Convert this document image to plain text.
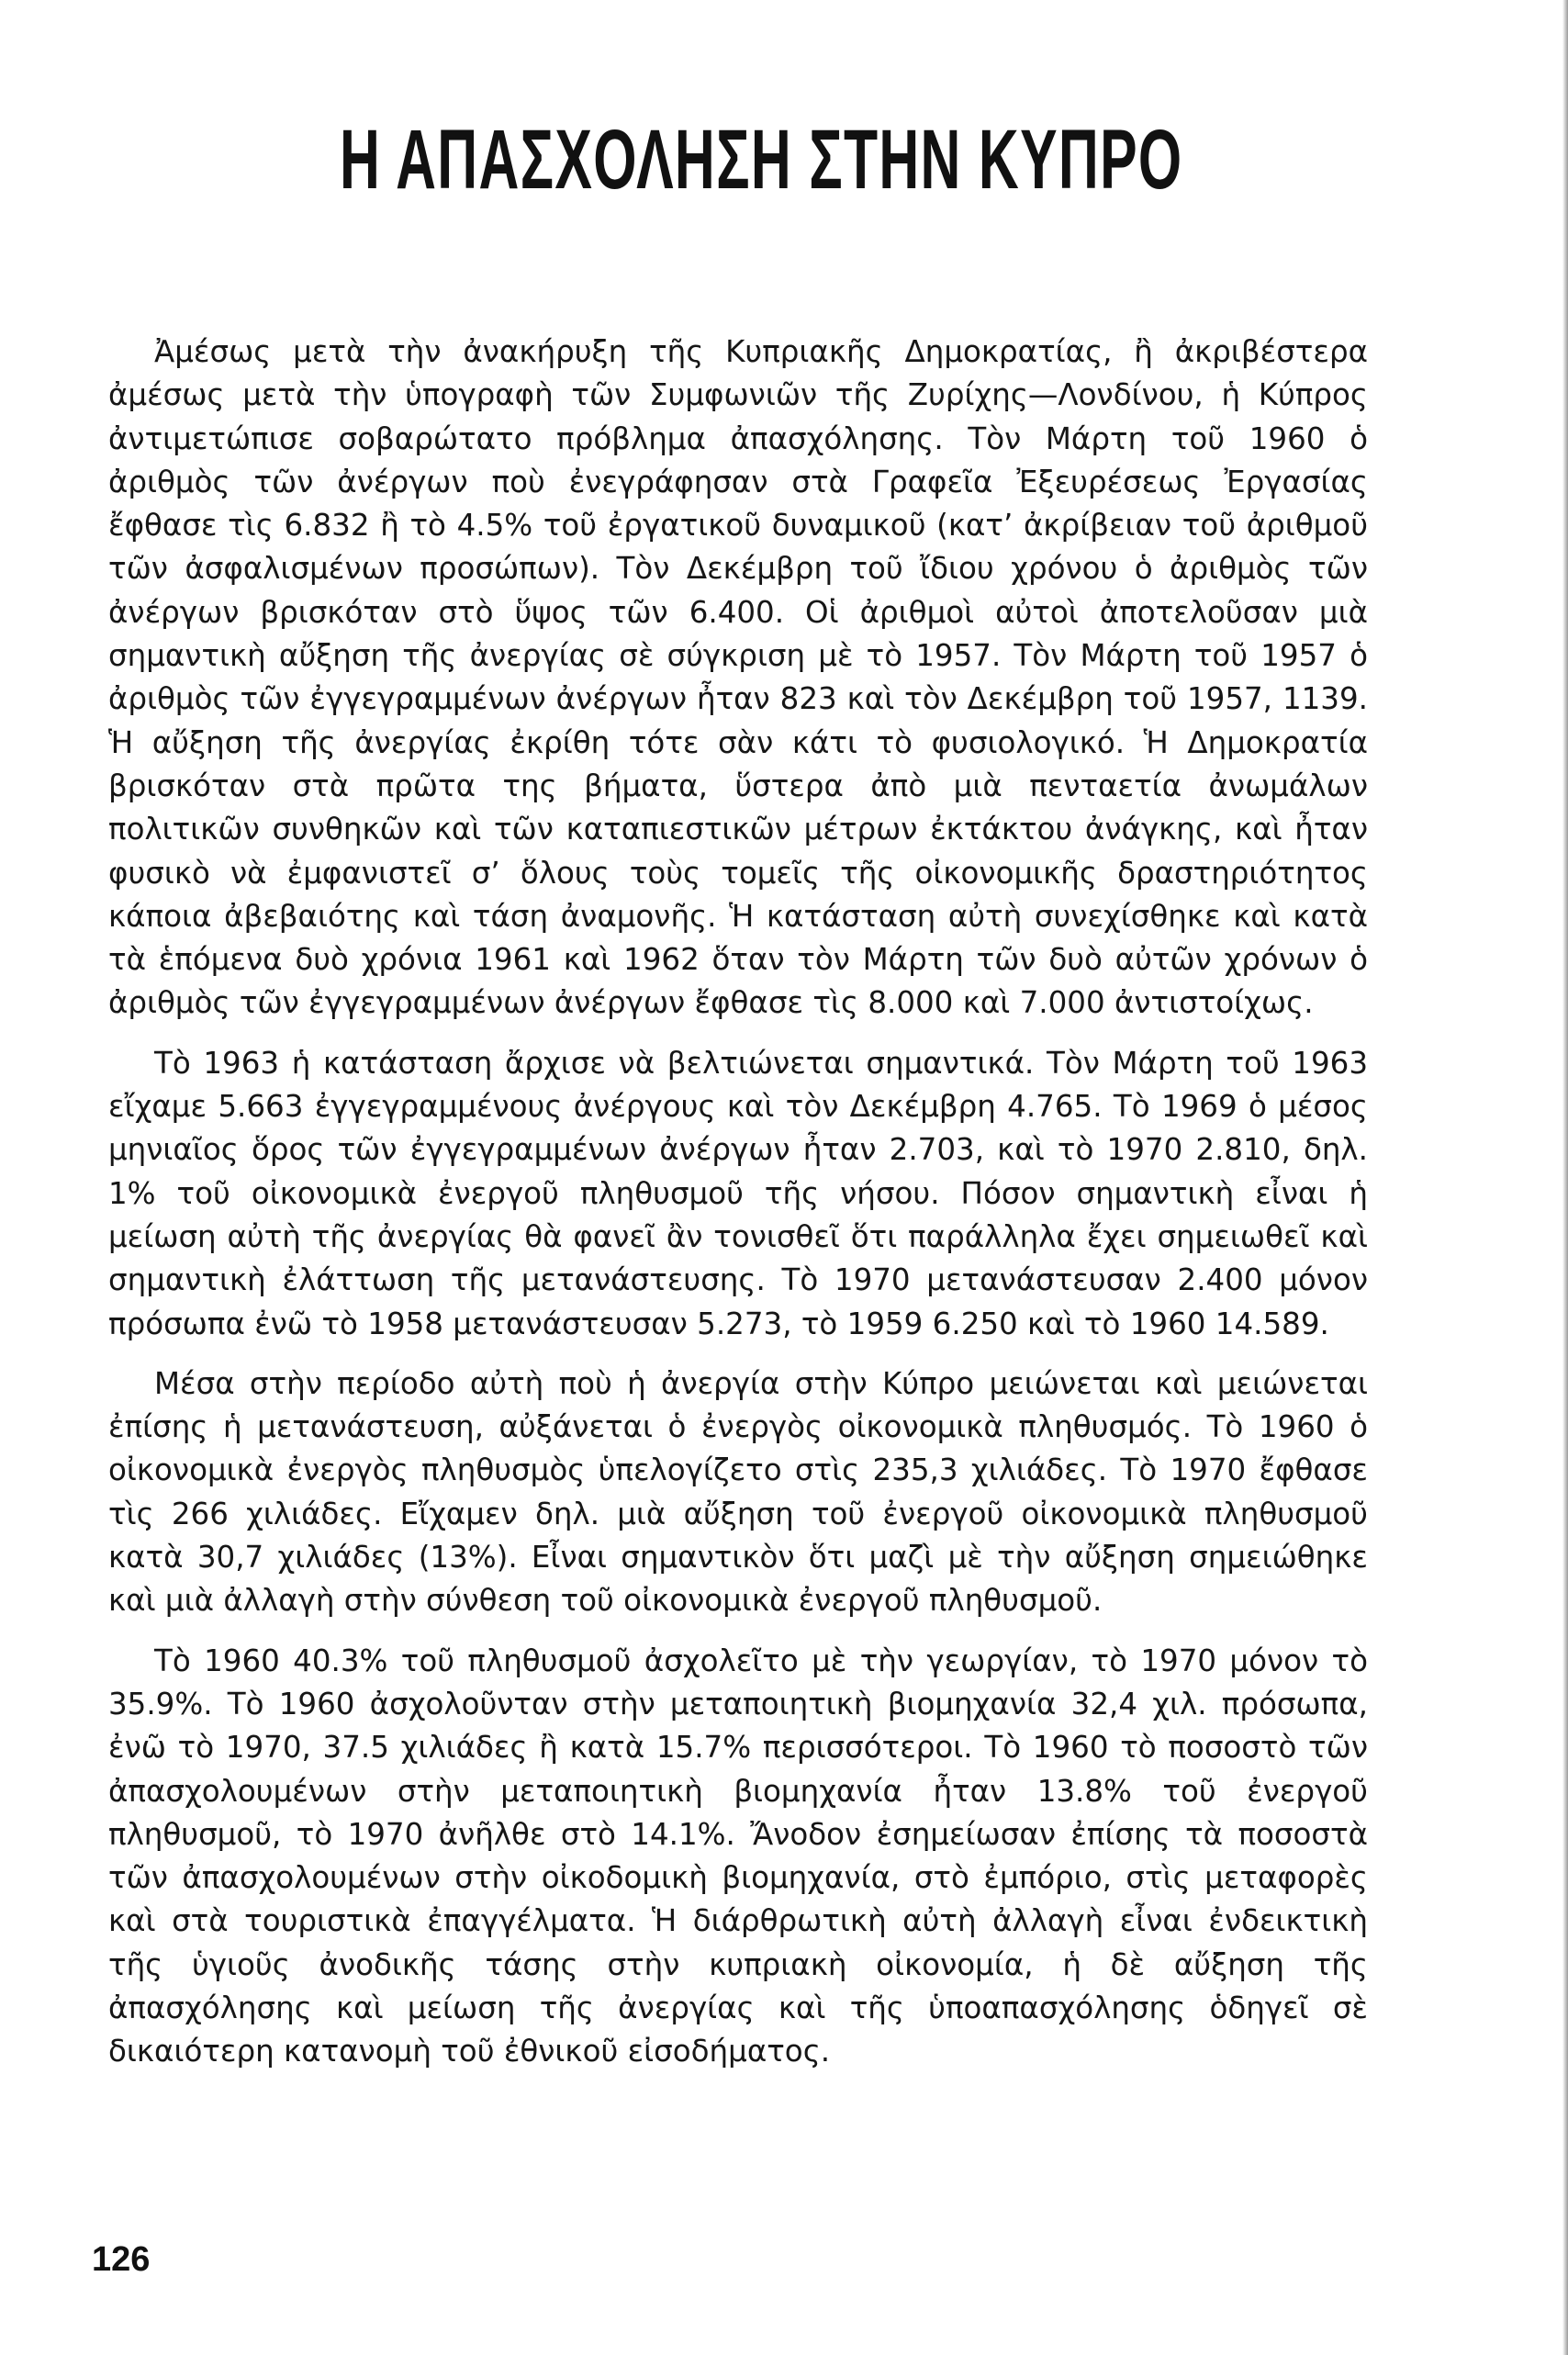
Η ΑΠΑΣΧΟΛΗΣΗ ΣΤΗΝ ΚΥΠΡΟ

Ἀμέσως μετὰ τὴν ἀνακήρυξη τῆς Κυπριακῆς Δημοκρατίας, ἢ ἀκριβέστερα ἀμέσως μετὰ τὴν ὑπογραφὴ τῶν Συμφωνιῶν τῆς Ζυρίχης—Λονδίνου, ἡ Κύπρος ἀντιμετώπισε σοβαρώτατο πρόβλημα ἀπασχόλησης. Τὸν Μάρτη τοῦ 1960 ὁ ἀριθμὸς τῶν ἀνέργων ποὺ ἐνεγράφησαν στὰ Γραφεῖα Ἐξευρέσεως Ἐργασίας ἔφθασε τὶς 6.832 ἢ τὸ 4.5% τοῦ ἐργατικοῦ δυναμικοῦ (κατ’ ἀκρίβειαν τοῦ ἀριθμοῦ τῶν ἀσφαλισμένων προσώπων). Τὸν Δεκέμβρη τοῦ ἴδιου χρόνου ὁ ἀριθμὸς τῶν ἀνέργων βρισκόταν στὸ ὕψος τῶν 6.400. Οἱ ἀριθμοὶ αὐτοὶ ἀποτελοῦσαν μιὰ σημαντικὴ αὔξηση τῆς ἀνεργίας σὲ σύγκριση μὲ τὸ 1957. Τὸν Μάρτη τοῦ 1957 ὁ ἀριθμὸς τῶν ἐγγεγραμμένων ἀνέργων ἦταν 823 καὶ τὸν Δεκέμβρη τοῦ 1957, 1139. Ἡ αὔξηση τῆς ἀνεργίας ἐκρίθη τότε σὰν κάτι τὸ φυσιολογικό. Ἡ Δημοκρατία βρισκόταν στὰ πρῶτα της βήματα, ὕστερα ἀπὸ μιὰ πενταετία ἀνωμάλων πολιτικῶν συνθηκῶν καὶ τῶν καταπιεστικῶν μέτρων ἐκτάκτου ἀνάγκης, καὶ ἦταν φυσικὸ νὰ ἐμφανιστεῖ σ’ ὅλους τοὺς τομεῖς τῆς οἰκονομικῆς δραστηριότητος κάποια ἀβεβαιότης καὶ τάση ἀναμονῆς. Ἡ κατάσταση αὐτὴ συνεχίσθηκε καὶ κατὰ τὰ ἑπόμενα δυὸ χρόνια 1961 καὶ 1962 ὅταν τὸν Μάρτη τῶν δυὸ αὐτῶν χρόνων ὁ ἀριθμὸς τῶν ἐγγεγραμμένων ἀνέργων ἔφθασε τὶς 8.000 καὶ 7.000 ἀντιστοίχως.

Τὸ 1963 ἡ κατάσταση ἄρχισε νὰ βελτιώνεται σημαντικά. Τὸν Μάρτη τοῦ 1963 εἴχαμε 5.663 ἐγγεγραμμένους ἀνέργους καὶ τὸν Δεκέμβρη 4.765. Τὸ 1969 ὁ μέσος μηνιαῖος ὅρος τῶν ἐγγεγραμμένων ἀνέργων ἦταν 2.703, καὶ τὸ 1970 2.810, δηλ. 1% τοῦ οἰκονομικὰ ἐνεργοῦ πληθυσμοῦ τῆς νήσου. Πόσον σημαντικὴ εἶναι ἡ μείωση αὐτὴ τῆς ἀνεργίας θὰ φανεῖ ἂν τονισθεῖ ὅτι παράλληλα ἔχει σημειωθεῖ καὶ σημαντικὴ ἐλάττωση τῆς μετανάστευσης. Τὸ 1970 μετανάστευσαν 2.400 μόνον πρόσωπα ἐνῶ τὸ 1958 μετανάστευσαν 5.273, τὸ 1959 6.250 καὶ τὸ 1960 14.589.

Μέσα στὴν περίοδο αὐτὴ ποὺ ἡ ἀνεργία στὴν Κύπρο μειώνεται καὶ μειώνεται ἐπίσης ἡ μετανάστευση, αὐξάνεται ὁ ἐνεργὸς οἰκονομικὰ πληθυσμός. Τὸ 1960 ὁ οἰκονομικὰ ἐνεργὸς πληθυσμὸς ὑπελογίζετο στὶς 235,3 χιλιάδες. Τὸ 1970 ἔφθασε τὶς 266 χιλιάδες. Εἴχαμεν δηλ. μιὰ αὔξηση τοῦ ἐνεργοῦ οἰκονομικὰ πληθυσμοῦ κατὰ 30,7 χιλιάδες (13%). Εἶναι σημαντικὸν ὅτι μαζὶ μὲ τὴν αὔξηση σημειώθηκε καὶ μιὰ ἀλλαγὴ στὴν σύνθεση τοῦ οἰκονομικὰ ἐνεργοῦ πληθυσμοῦ.

Τὸ 1960 40.3% τοῦ πληθυσμοῦ ἀσχολεῖτο μὲ τὴν γεωργίαν, τὸ 1970 μόνον τὸ 35.9%. Τὸ 1960 ἀσχολοῦνταν στὴν μεταποιητικὴ βιομηχανία 32,4 χιλ. πρόσωπα, ἐνῶ τὸ 1970, 37.5 χιλιάδες ἢ κατὰ 15.7% περισσότεροι. Τὸ 1960 τὸ ποσοστὸ τῶν ἀπασχολουμένων στὴν μεταποιητικὴ βιομηχανία ἦταν 13.8% τοῦ ἐνεργοῦ πληθυσμοῦ, τὸ 1970 ἀνῆλθε στὸ 14.1%. Ἄνοδον ἐσημείωσαν ἐπίσης τὰ ποσοστὰ τῶν ἀπασχολουμένων στὴν οἰκοδομικὴ βιομηχανία, στὸ ἐμπόριο, στὶς μεταφορὲς καὶ στὰ τουριστικὰ ἐπαγγέλματα. Ἡ διάρθρωτικὴ αὐτὴ ἀλλαγὴ εἶναι ἐνδεικτικὴ τῆς ὑγιοῦς ἀνοδικῆς τάσης στὴν κυπριακὴ οἰκονομία, ἡ δὲ αὔξηση τῆς ἀπασχόλησης καὶ μείωση τῆς ἀνεργίας καὶ τῆς ὑποαπασχόλησης ὁδηγεῖ σὲ δικαιότερη κατανομὴ τοῦ ἐθνικοῦ εἰσοδήματος.

126
